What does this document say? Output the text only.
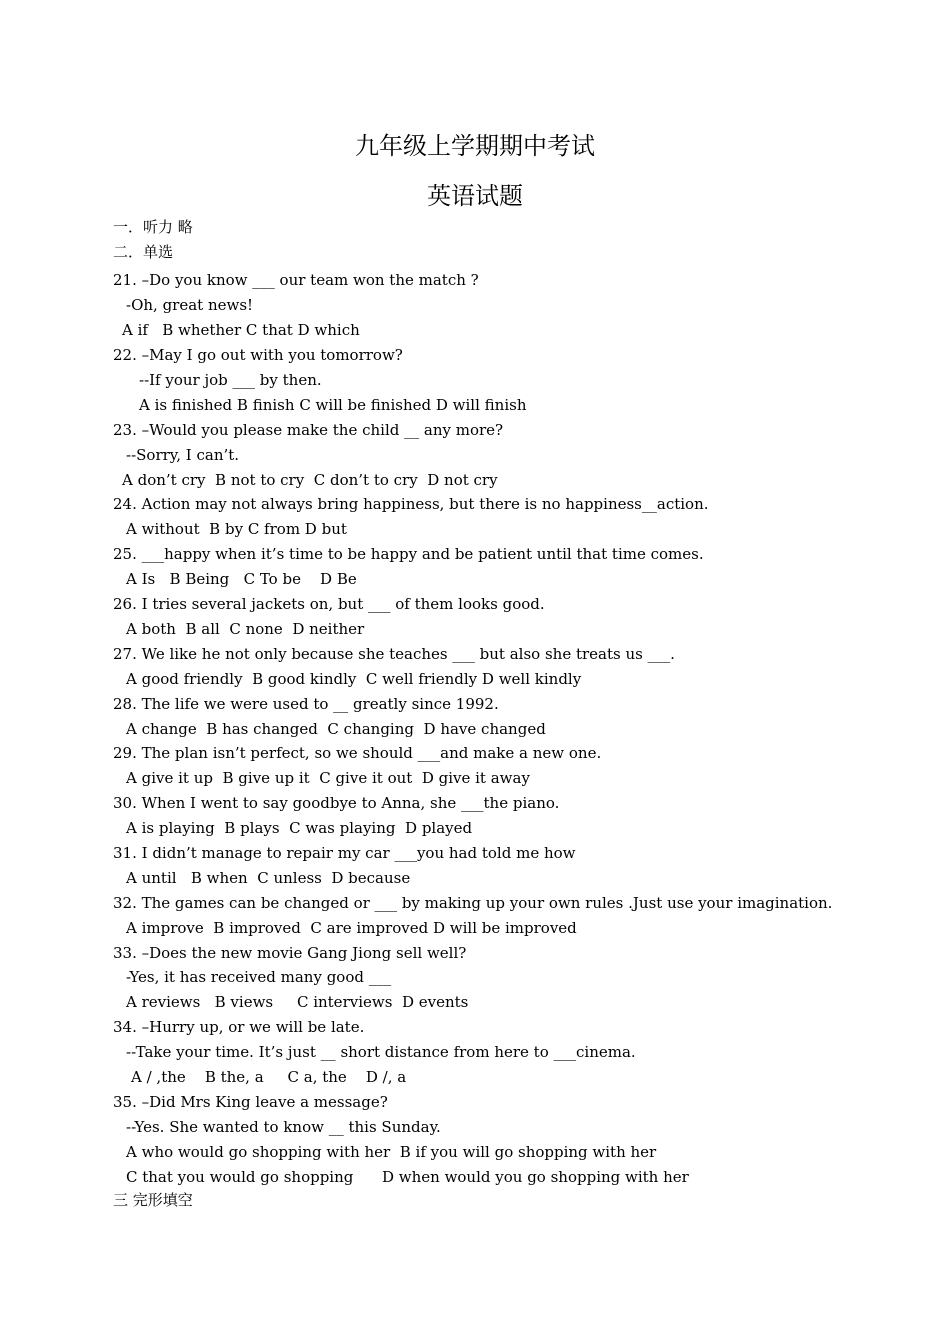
九年级上学期期中考试
英语试题
一．听力 略
二．单选
21. –Do you know ___ our team won the match ?
-Oh, great news!
A if   B whether C that D which
22. –May I go out with you tomorrow?
--If your job ___ by then.
A is finished B finish C will be finished D will finish
23. –Would you please make the child __ any more?
--Sorry, I can’t.
A don’t cry  B not to cry  C don’t to cry  D not cry
24. Action may not always bring happiness, but there is no happiness__action.
A without  B by C from D but
25. ___happy when it’s time to be happy and be patient until that time comes.
A Is   B Being   C To be    D Be
26. I tries several jackets on, but ___ of them looks good.
A both  B all  C none  D neither
27. We like he not only because she teaches ___ but also she treats us ___.
A good friendly  B good kindly  C well friendly D well kindly
28. The life we were used to __ greatly since 1992.
A change  B has changed  C changing  D have changed
29. The plan isn’t perfect, so we should ___and make a new one.
A give it up  B give up it  C give it out  D give it away
30. When I went to say goodbye to Anna, she ___the piano.
A is playing  B plays  C was playing  D played
31. I didn’t manage to repair my car ___you had told me how
A until   B when  C unless  D because
32. The games can be changed or ___ by making up your own rules .Just use your imagination.
A improve  B improved  C are improved D will be improved
33. –Does the new movie Gang Jiong sell well?
-Yes, it has received many good ___
A reviews   B views     C interviews  D events
34. –Hurry up, or we will be late.
--Take your time. It’s just __ short distance from here to ___cinema.
A / ,the    B the, a     C a, the    D /, a
35. –Did Mrs King leave a message?
--Yes. She wanted to know __ this Sunday.
A who would go shopping with her  B if you will go shopping with her
C that you would go shopping      D when would you go shopping with her
三 完形填空
